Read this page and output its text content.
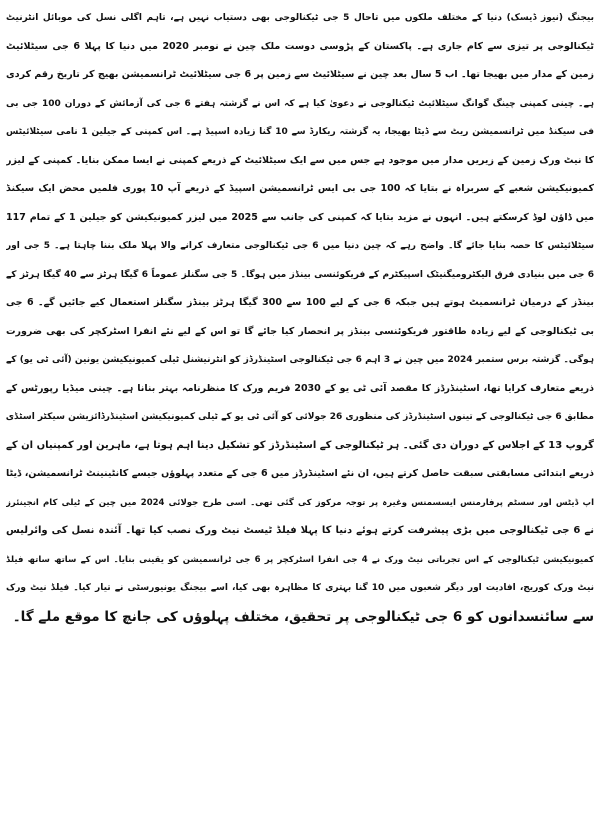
بیجنگ (نیوز ڈیسک) دنیا کے مختلف ملکوں میں تاحال 5 جی ٹیکنالوجی بھی دستیاب نہیں ہے، تاہم اگلی نسل کی موبائل انٹرنیٹ
ٹیکنالوجی پر تیزی سے کام جاری ہے۔ پاکستان کے پڑوسی دوست ملک چین نے نومبر 2020 میں دنیا کا پہلا 6 جی سیٹلائیٹ
زمین کے مدار میں بھیجا تھا۔ اب 5 سال بعد چین نے سیٹلائیٹ سے زمین پر 6 جی سیٹلائیٹ ٹرانسمیشن بھیج کر تاریخ رقم کردی
ہے۔ چینی کمپنی چینگ گوانگ سیٹلائیٹ ٹیکنالوجی نے دعویٰ کیا ہے کہ اس نے گزشتہ ہفتے 6 جی کی آزمائش کے دوران 100 جی بی
فی سیکنڈ میں ٹرانسمیشن ریٹ سے ڈیٹا بھیجا، یہ گزشتہ ریکارڈ سے 10 گنا زیادہ اسپیڈ ہے۔ اس کمپنی کے جیلین 1 نامی سیٹلائیٹس
کا نیٹ ورک زمین کے زیریں مدار میں موجود ہے جس میں سے ایک سیٹلائیٹ کے ذریعے کمپنی نے ایسا ممکن بنایا۔ کمپنی کے لیزر
کمیونیکیشن شعبے کے سربراہ نے بتایا کہ 100 جی بی ایس ٹرانسمیشن اسپیڈ کے ذریعے آپ 10 پوری فلمیں محض ایک سیکنڈ
میں ڈاؤن لوڈ کرسکتے ہیں۔ انہوں نے مزید بتایا کہ کمپنی کی جانب سے 2025 میں لیزر کمیونیکیشن کو جیلین 1 کے تمام 117
سیٹلائیٹس کا حصہ بنایا جائے گا۔ واضح رہے کہ چین دنیا میں 6 جی ٹیکنالوجی متعارف کرانے والا پہلا ملک بننا چاہتا ہے۔ 5 جی اور
6 جی میں بنیادی فرق الیکٹرومیگنیٹک اسپیکٹرم کے فریکوئنسی بینڈز میں ہوگا۔ 5 جی سگنلز عموماً 6 گیگا ہرٹز سے 40 گیگا ہرٹز کے
بینڈز کے درمیان ٹرانسمیٹ ہوتے ہیں جبکہ 6 جی کے لیے 100 سے 300 گیگا ہرٹز بینڈز سگنلز استعمال کیے جائیں گے۔ 6 جی
بی ٹیکنالوجی کے لیے زیادہ طاقتور فریکوئنسی بینڈز پر انحصار کیا جائے گا تو اس کے لیے نئے انفرا اسٹرکچر کی بھی ضرورت
ہوگی۔ گزشتہ برس ستمبر 2024 میں چین نے 3 اہم 6 جی ٹیکنالوجی اسٹینڈرڈز کو انٹرنیشنل ٹیلی کمیونیکیشن یونین (آئی ٹی یو) کے
ذریعے متعارف کرایا تھا، اسٹینڈرڈز کا مقصد آئی ٹی یو کے 2030 فریم ورک کا منظرنامہ بہتر بنانا ہے۔ چینی میڈیا رپورٹس کے
مطابق 6 جی ٹیکنالوجی کے تینوں اسٹینڈرڈز کی منظوری 26 جولائی کو آئی ٹی یو کے ٹیلی کمیونیکیشن اسٹینڈرڈائزیشن سیکٹر اسٹڈی
گروپ 13 کے اجلاس کے دوران دی گئی۔ ہر ٹیکنالوجی کے اسٹینڈرڈز کو تشکیل دینا اہم ہوتا ہے، ماہرین اور کمپنیاں ان کے
ذریعے ابتدائی مسابقتی سبقت حاصل کرتے ہیں، ان نئے اسٹینڈرڈز میں 6 جی کے متعدد پہلوؤں جیسے کانٹینینٹ ٹرانسمیشن، ڈیٹا
اپ ڈیٹس اور سسٹم پرفارمنس ایسسمنس وغیرہ پر توجہ مرکوز کی گئی تھی۔ اسی طرح جولائی 2024 میں چین کے ٹیلی کام انجینئرز
نے 6 جی ٹیکنالوجی میں بڑی پیشرفت کرتے ہوئے دنیا کا پہلا فیلڈ ٹیسٹ نیٹ ورک نصب کیا تھا۔ آئندہ نسل کی وائرلیس
کمیونیکیشن ٹیکنالوجی کے اس تجرباتی نیٹ ورک نے 4 جی انفرا اسٹرکچر پر 6 جی ٹرانسمیشن کو یقینی بنایا۔ اس کے ساتھ ساتھ فیلڈ
نیٹ ورک کوریج، افادیت اور دیگر شعبوں میں 10 گنا بہتری کا مظاہرہ بھی کیا، اسے بیجنگ یونیورسٹی نے تیار کیا۔ فیلڈ نیٹ ورک
سے سائنسدانوں کو 6 جی ٹیکنالوجی پر تحقیق، مختلف پہلوؤں کی جانچ کا موقع ملے گا۔
